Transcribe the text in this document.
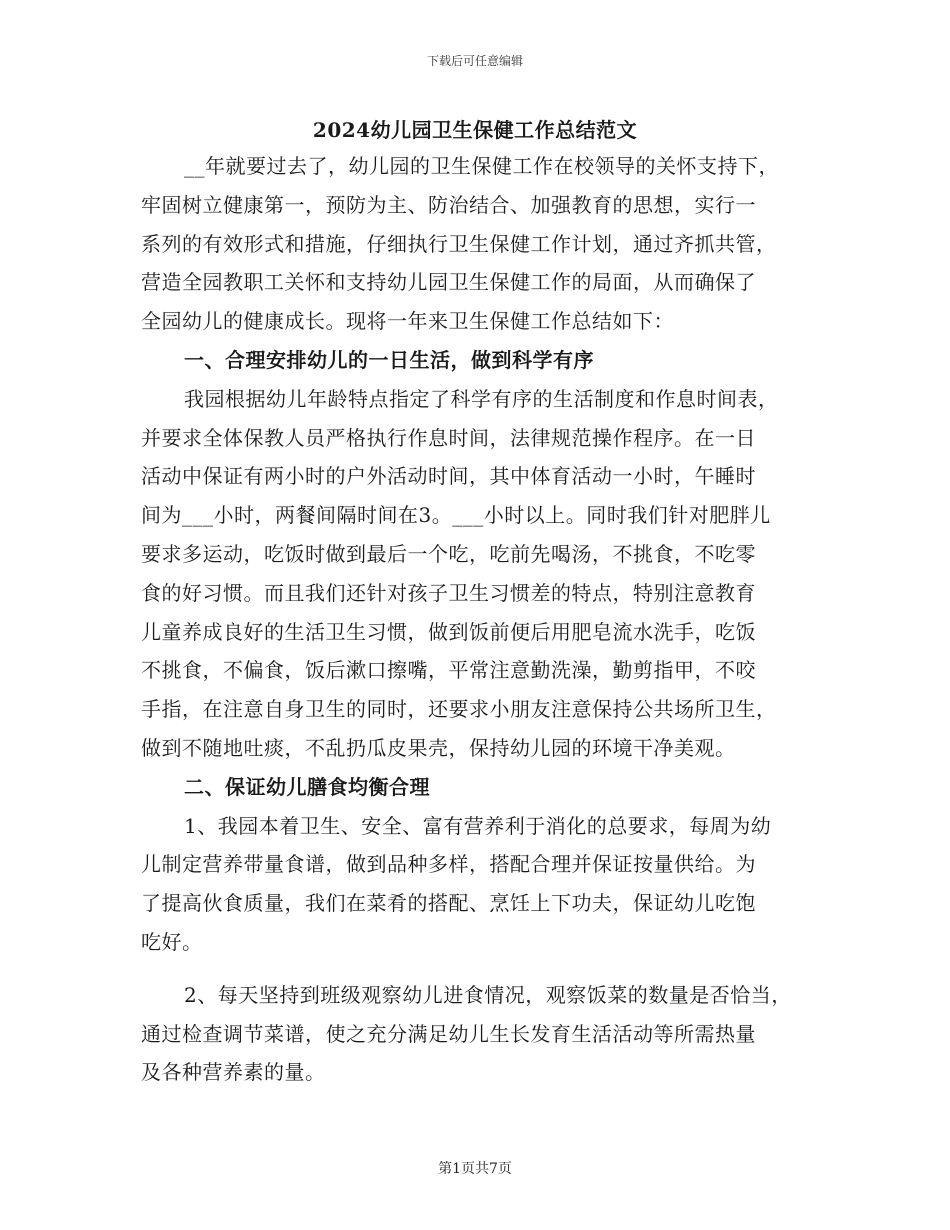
下载后可任意编辑
2024幼儿园卫生保健工作总结范文
__年就要过去了，幼儿园的卫生保健工作在校领导的关怀支持下，
牢固树立健康第一，预防为主、防治结合、加强教育的思想，实行一
系列的有效形式和措施，仔细执行卫生保健工作计划，通过齐抓共管，
营造全园教职工关怀和支持幼儿园卫生保健工作的局面，从而确保了
全园幼儿的健康成长。现将一年来卫生保健工作总结如下：
一、合理安排幼儿的一日生活，做到科学有序
我园根据幼儿年龄特点指定了科学有序的生活制度和作息时间表，
并要求全体保教人员严格执行作息时间，法律规范操作程序。在一日
活动中保证有两小时的户外活动时间，其中体育活动一小时，午睡时
间为___小时，两餐间隔时间在3。___小时以上。同时我们针对肥胖儿
要求多运动，吃饭时做到最后一个吃，吃前先喝汤，不挑食，不吃零
食的好习惯。而且我们还针对孩子卫生习惯差的特点，特别注意教育
儿童养成良好的生活卫生习惯，做到饭前便后用肥皂流水洗手，吃饭
不挑食，不偏食，饭后漱口擦嘴，平常注意勤洗澡，勤剪指甲，不咬
手指，在注意自身卫生的同时，还要求小朋友注意保持公共场所卫生，
做到不随地吐痰，不乱扔瓜皮果壳，保持幼儿园的环境干净美观。
二、保证幼儿膳食均衡合理
1、我园本着卫生、安全、富有营养利于消化的总要求，每周为幼
儿制定营养带量食谱，做到品种多样，搭配合理并保证按量供给。为
了提高伙食质量，我们在菜肴的搭配、烹饪上下功夫，保证幼儿吃饱
吃好。
2、每天坚持到班级观察幼儿进食情况，观察饭菜的数量是否恰当，
通过检查调节菜谱，使之充分满足幼儿生长发育生活活动等所需热量
及各种营养素的量。
第1页共7页
